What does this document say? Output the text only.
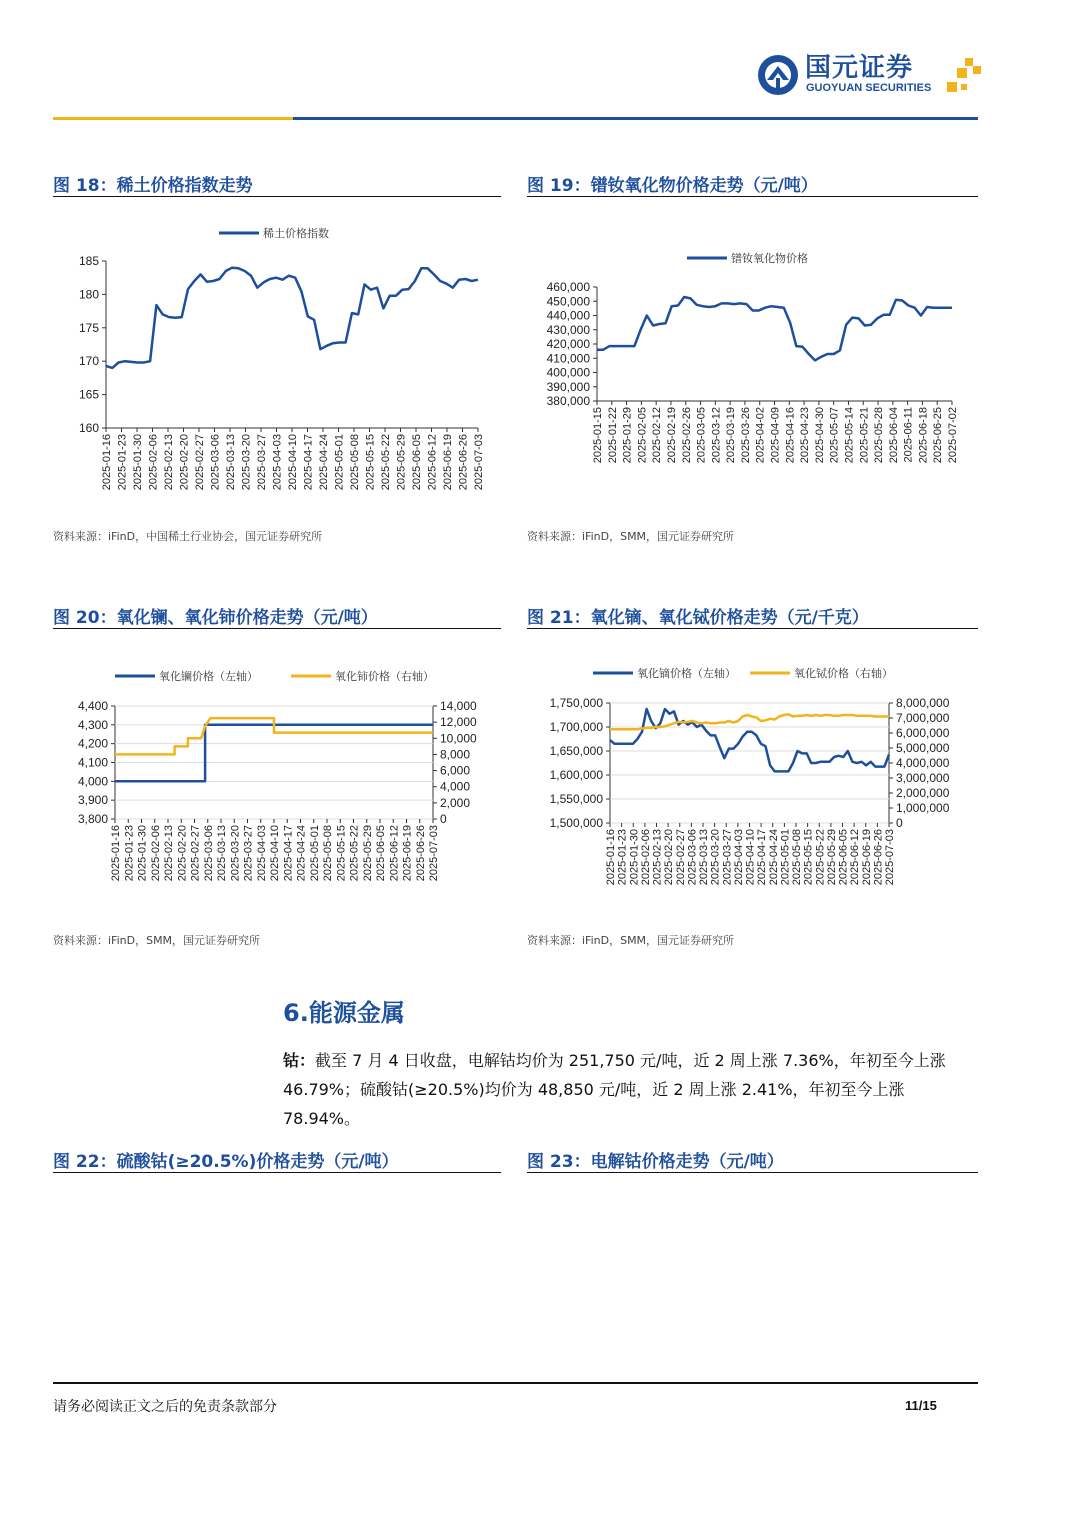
国元证券
GUOYUAN SECURITIES
图 18：稀土价格指数走势
160
165
170
175
180
185
2025-01-16 2025-01-23 2025-01-30 2025-02-06 2025-02-13 2025-02-20 2025-02-27 2025-03-06 2025-03-13 2025-03-20 2025-03-27 2025-04-03 2025-04-10 2025-04-17 2025-04-24 2025-05-01 2025-05-08 2025-05-15 2025-05-22 2025-05-29 2025-06-05 2025-06-12 2025-06-19 2025-06-26 2025-07-03
稀土价格指数
资料来源：iFinD，中国稀土行业协会，国元证券研究所
图 19：镨钕氧化物价格走势（元/吨）
460,000
450,000
440,000
430,000
420,000
410,000
400,000
390,000
380,000
2025-01-15 2025-01-22 2025-01-29 2025-02-05 2025-02-12 2025-02-19 2025-02-26 2025-03-05 2025-03-12 2025-03-19 2025-03-26 2025-04-02 2025-04-09 2025-04-16 2025-04-23 2025-04-30 2025-05-07 2025-05-14 2025-05-21 2025-05-28 2025-06-04 2025-06-11 2025-06-18 2025-06-25 2025-07-02
镨钕氧化物价格
资料来源：iFinD，SMM，国元证券研究所
图 20：氧化镧、氧化铈价格走势（元/吨）
4,400
4,300
4,200
4,100
4,000
3,900
3,800
14,000
12,000
10,000
8,000
6,000
4,000
2,000
0
2025-01-16 2025-01-23 2025-01-30 2025-02-06 2025-02-13 2025-02-20 2025-02-27 2025-03-06 2025-03-13 2025-03-20 2025-03-27 2025-04-03 2025-04-10 2025-04-17 2025-04-24 2025-05-01 2025-05-08 2025-05-15 2025-05-22 2025-05-29 2025-06-05 2025-06-12 2025-06-19 2025-06-26 2025-07-03
氧化镧价格（左轴）	氧化铈价格（右轴）
资料来源：iFinD，SMM，国元证券研究所
图 21：氧化镝、氧化铽价格走势（元/千克）
1,750,000
1,700,000
1,650,000
1,600,000
1,550,000
1,500,000
8,000,000
7,000,000
6,000,000
5,000,000
4,000,000
3,000,000
2,000,000
1,000,000
0
2025-01-16 2025-01-23 2025-01-30 2025-02-06 2025-02-13 2025-02-20 2025-02-27 2025-03-06 2025-03-13 2025-03-20 2025-03-27 2025-04-03 2025-04-10 2025-04-17 2025-04-24 2025-05-01 2025-05-08 2025-05-15 2025-05-22 2025-05-29 2025-06-05 2025-06-12 2025-06-19 2025-06-26 2025-07-03
氧化镝价格（左轴）	氧化铽价格（右轴）
资料来源：iFinD，SMM，国元证券研究所
6.能源金属
钴：截至 7 月 4 日收盘，电解钴均价为 251,750 元/吨，近 2 周上涨 7.36%，年初至今上涨 46.79%；硫酸钴(≥20.5%)均价为 48,850 元/吨，近 2 周上涨 2.41%，年初至今上涨 78.94%。
图 22：硫酸钴(≥20.5%)价格走势（元/吨）	图 23：电解钴价格走势（元/吨）
请务必阅读正文之后的免责条款部分	11/15
